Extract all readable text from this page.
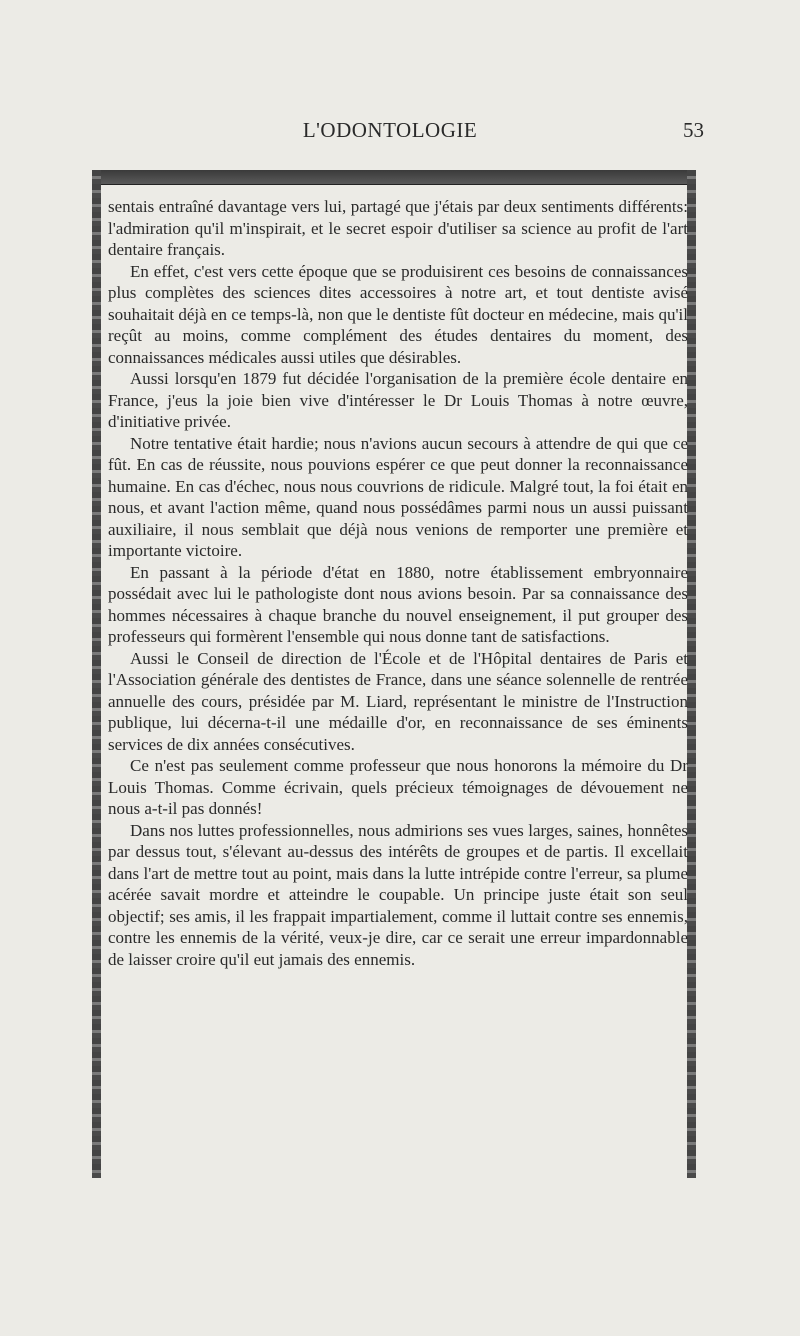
L'ODONTOLOGIE	53

sentais entraîné davantage vers lui, partagé que j'étais par deux sentiments différents: l'admiration qu'il m'inspirait, et le secret espoir d'utiliser sa science au profit de l'art dentaire français.

En effet, c'est vers cette époque que se produisirent ces besoins de connaissances plus complètes des sciences dites accessoires à notre art, et tout dentiste avisé souhaitait déjà en ce temps-là, non que le dentiste fût docteur en médecine, mais qu'il reçût au moins, comme complément des études dentaires du moment, des connaissances médicales aussi utiles que désirables.

Aussi lorsqu'en 1879 fut décidée l'organisation de la première école dentaire en France, j'eus la joie bien vive d'intéresser le Dr Louis Thomas à notre œuvre, d'initiative privée.

Notre tentative était hardie; nous n'avions aucun secours à attendre de qui que ce fût. En cas de réussite, nous pouvions espérer ce que peut donner la reconnaissance humaine. En cas d'échec, nous nous couvrions de ridicule. Malgré tout, la foi était en nous, et avant l'action même, quand nous possédâmes parmi nous un aussi puissant auxiliaire, il nous semblait que déjà nous venions de remporter une première et importante victoire.

En passant à la période d'état en 1880, notre établissement embryonnaire possédait avec lui le pathologiste dont nous avions besoin. Par sa connaissance des hommes nécessaires à chaque branche du nouvel enseignement, il put grouper des professeurs qui formèrent l'ensemble qui nous donne tant de satisfactions.

Aussi le Conseil de direction de l'École et de l'Hôpital dentaires de Paris et l'Association générale des dentistes de France, dans une séance solennelle de rentrée annuelle des cours, présidée par M. Liard, représentant le ministre de l'Instruction publique, lui décerna-t-il une médaille d'or, en reconnaissance de ses éminents services de dix années consécutives.

Ce n'est pas seulement comme professeur que nous honorons la mémoire du Dr Louis Thomas. Comme écrivain, quels précieux témoignages de dévouement ne nous a-t-il pas donnés!

Dans nos luttes professionnelles, nous admirions ses vues larges, saines, honnêtes par dessus tout, s'élevant au-dessus des intérêts de groupes et de partis. Il excellait dans l'art de mettre tout au point, mais dans la lutte intrépide contre l'erreur, sa plume acérée savait mordre et atteindre le coupable. Un principe juste était son seul objectif; ses amis, il les frappait impartialement, comme il luttait contre ses ennemis, contre les ennemis de la vérité, veux-je dire, car ce serait une erreur impardonnable de laisser croire qu'il eut jamais des ennemis.
